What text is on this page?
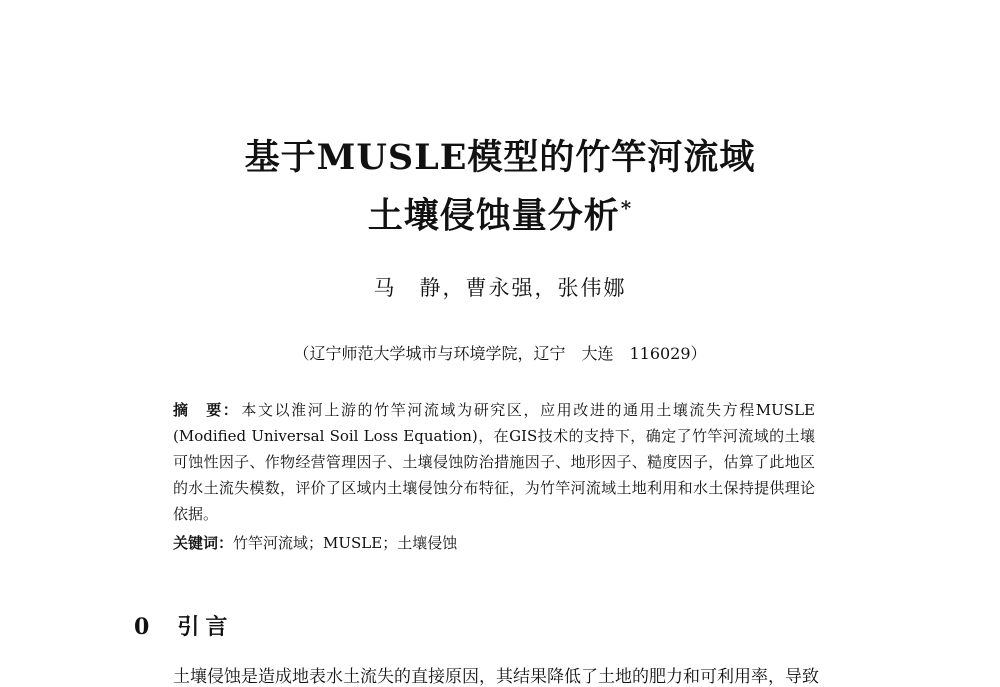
基于MUSLE模型的竹竿河流域
土壤侵蚀量分析*
马　静，曹永强，张伟娜
（辽宁师范大学城市与环境学院，辽宁　大连　116029）
摘　要： 本文以淮河上游的竹竿河流域为研究区，应用改进的通用土壤流失方程MUSLE (Modified Universal Soil Loss Equation)，在GIS技术的支持下，确定了竹竿河流域的土壤可蚀性因子、作物经营管理因子、土壤侵蚀防治措施因子、地形因子、糙度因子，估算了此地区的水土流失模数，评价了区域内土壤侵蚀分布特征，为竹竿河流域土地利用和水土保持提供理论依据。
关键词：竹竿河流域；MUSLE；土壤侵蚀
0 引言
土壤侵蚀是造成地表水土流失的直接原因，其结果降低了土地的肥力和可利用率，导致
